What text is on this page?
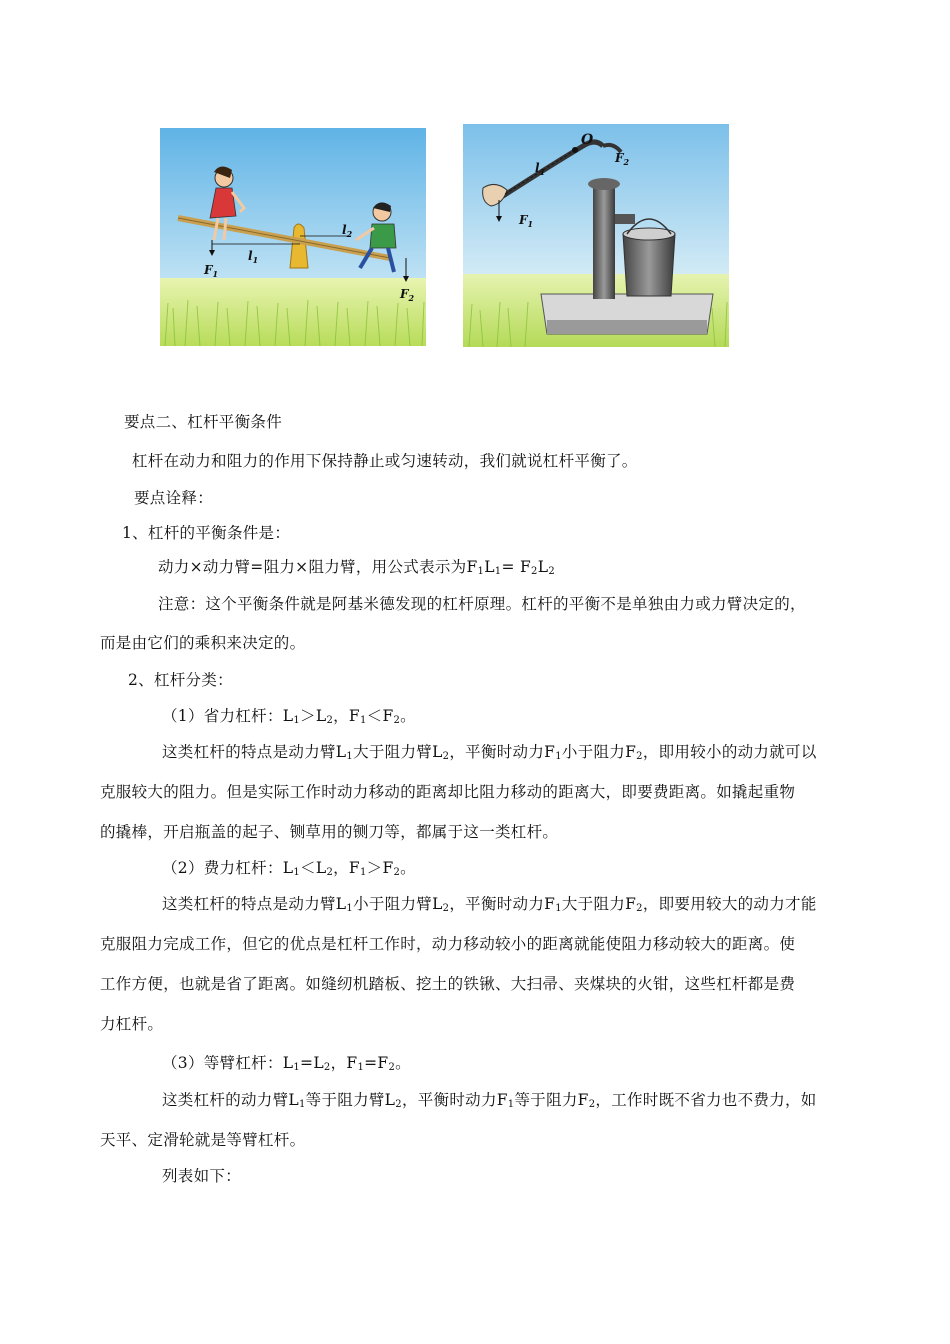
$F_1$
$l_1$
$l_2$
$F_2$
O
$l_1$
$F_1$
$F_2$
要点二、杠杆平衡条件
杠杆在动力和阻力的作用下保持静止或匀速转动，我们就说杠杆平衡了。
要点诠释：
1、杠杆的平衡条件是：
动力×动力臂=阻力×阻力臂，用公式表示为$F_1L_1= F_2L_2$
注意：这个平衡条件就是阿基米德发现的杠杆原理。杠杆的平衡不是单独由力或力臂决定的，
而是由它们的乘积来决定的。
2、杠杆分类：
（1）省力杠杆：$L_1>L_2$，$F_1<F_2$。
这类杠杆的特点是动力臂$L_1$大于阻力臂$L_2$，平衡时动力$F_1$小于阻力$F_2$，即用较小的动力就可以
克服较大的阻力。但是实际工作时动力移动的距离却比阻力移动的距离大，即要费距离。如撬起重物
的撬棒，开启瓶盖的起子、铡草用的铡刀等，都属于这一类杠杆。
（2）费力杠杆：$L_1<L_2$，$F_1>F_2$。
这类杠杆的特点是动力臂$L_1$小于阻力臂$L_2$，平衡时动力$F_1$大于阻力$F_2$，即要用较大的动力才能
克服阻力完成工作，但它的优点是杠杆工作时，动力移动较小的距离就能使阻力移动较大的距离。使
工作方便，也就是省了距离。如缝纫机踏板、挖土的铁锹、大扫帚、夹煤块的火钳，这些杠杆都是费
力杠杆。
（3）等臂杠杆：$L_1=L_2$，$F_1=F_2$。
这类杠杆的动力臂$L_1$等于阻力臂$L_2$，平衡时动力$F_1$等于阻力$F_2$，工作时既不省力也不费力，如
天平、定滑轮就是等臂杠杆。
列表如下：
